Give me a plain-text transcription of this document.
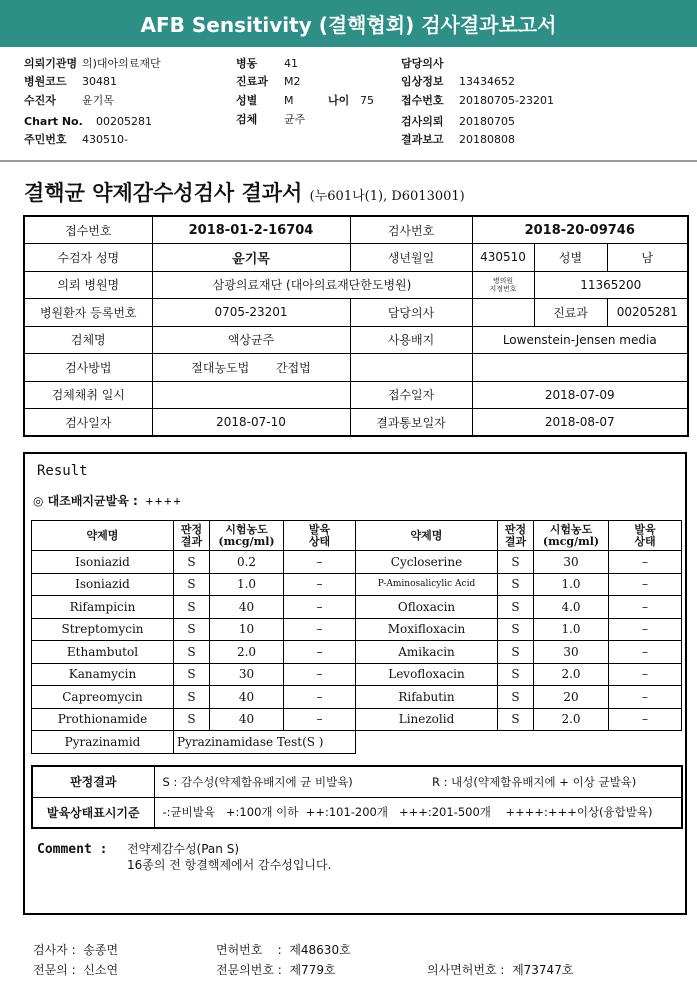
AFB Sensitivity (결핵협회) 검사결과보고서
의뢰기관명 의)대아의료재단
병원코드 30481
수진자 윤기목
Chart No. 00205281
주민번호 430510-
병동 41
진료과 M2
성별 M	나이 75
검체 균주
담당의사
임상정보 13434652
접수번호 20180705-23201
검사의뢰 20180705
결과보고 20180808
결핵균 약제감수성검사 결과서 (누601나(1), D6013001)
접수번호	2018-01-2-16704	검사번호	2018-20-09746		
수검자 성명	윤기목	생년월일	430510	성별	남
의뢰 병원명	삼광의료재단 (대아의료재단한도병원)		병의원
지정번호	11365200	
병원환자 등록번호	0705-23201	담당의사		진료과	00205281
검체명	액상균주	사용배지	Lowenstein-Jensen media		
검사방법	절대농도법 간접법				
검체채취 일시		접수일자	2018-07-09		
검사일자	2018-07-10	결과통보일자	2018-08-07		
Result
◎ 대조배지균발육 : ++++
약제명	판정
결과	시험농도
(mcg/ml)	발육
상태	약제명	판정
결과	시험농도
(mcg/ml)	발육
상태
Isoniazid	S	0.2	–	Cycloserine	S	30	–
Isoniazid	S	1.0	–	P-Aminosalicylic Acid	S	1.0	–
Rifampicin	S	40	–	Ofloxacin	S	4.0	–
Streptomycin	S	10	–	Moxifloxacin	S	1.0	–
Ethambutol	S	2.0	–	Amikacin	S	30	–
Kanamycin	S	30	–	Levofloxacin	S	2.0	–
Capreomycin	S	40	–	Rifabutin	S	20	–
Prothionamide	S	40	–	Linezolid	S	2.0	–
Pyrazinamid	Pyrazinamidase Test(S )						
판정결과	S : 감수성(약제함유배지에 균 비발육)	R : 내성(약제함유배지에 + 이상 균발육)
발육상태표시기준	-:균비발육   +:100개 이하  ++:101-200개   +++:201-500개    ++++:+++이상(융합발육)	
Comment : 전약제감수성(Pan S)
16종의 전 항결핵제에서 감수성입니다.
검사자 : 송종면	면허번호    :  제48630호
전문의 : 신소연	전문의번호 : 제779호	의사면허번호 : 제73747호
